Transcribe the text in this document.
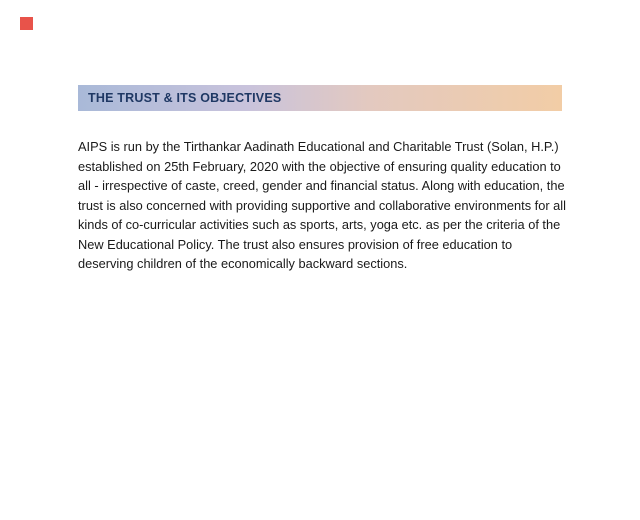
THE TRUST & ITS OBJECTIVES

AIPS is run by the Tirthankar Aadinath Educational and Charitable Trust (Solan, H.P.) established on 25th February, 2020 with the objective of ensuring quality education to all - irrespective of caste, creed, gender and financial status. Along with education, the trust is also concerned with providing supportive and collaborative environments for all kinds of co-curricular activities such as sports, arts, yoga etc. as per the criteria of the New Educational Policy. The trust also ensures provision of free education to deserving children of the economically backward sections.
